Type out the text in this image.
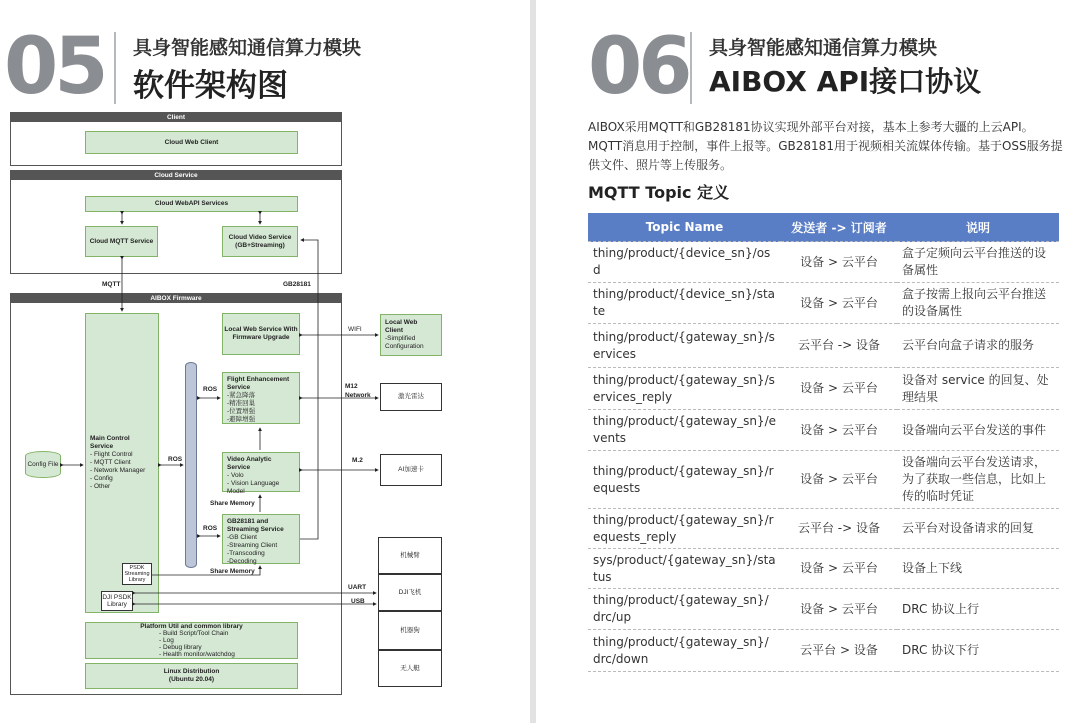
05 具身智能感知通信算力模块
软件架构图
Client
Cloud Web Client
Cloud Service
Cloud WebAPI Services
Cloud MQTT Service
Cloud Video Service (GB+Streaming)
MQTT	GB28181
AIBOX Firmware
Main Control Service
- Flight Control
- MQTT Client
- Network Manager
- Config
- Other
Config File
ROS
ROS
ROS
Local Web Service With Firmware Upgrade
WIFI
Local Web Client
-Simplified Configuration
Flight Enhancement Service
-紧急降落
-精准回巢
-位置增强
-避障增强
M12 Network	激光雷达
Video Analytic Service
- Volo
- Vision Language Model
M.2
AI加速卡
Share Memory
GB28181 and Streaming Service
-GB Client
-Streaming Client
-Transcoding
-Decoding
Share Memory
PSDK Streaming Library
DJI PSDK Library
UART
USB
机械臂
DJI飞机
机器狗
无人艇
Platform Util and common library
- Build Script/Tool Chain
- Log
- Debug library
- Health monitor/watchdog
Linux Distribution
(Ubuntu 20.04)
06 具身智能感知通信算力模块
AIBOX API接口协议
AIBOX采用MQTT和GB28181协议实现外部平台对接，基本上参考大疆的上云API。MQTT消息用于控制，事件上报等。GB28181用于视频相关流媒体传输。基于OSS服务提供文件、照片等上传服务。
MQTT Topic 定义
Topic Name	发送者 -> 订阅者	说明
thing/product/{device_sn}/osd	设备 > 云平台	盒子定频向云平台推送的设备属性
thing/product/{device_sn}/state	设备 > 云平台	盒子按需上报向云平台推送的设备属性
thing/product/{gateway_sn}/services	云平台 -> 设备	云平台向盒子请求的服务
thing/product/{gateway_sn}/services_reply	设备 > 云平台	设备对 service 的回复、处理结果
thing/product/{gateway_sn}/events	设备 > 云平台	设备端向云平台发送的事件
thing/product/{gateway_sn}/requests	设备 > 云平台	设备端向云平台发送请求，为了获取一些信息，比如上传的临时凭证
thing/product/{gateway_sn}/requests_reply	云平台 -> 设备	云平台对设备请求的回复
sys/product/{gateway_sn}/status	设备 > 云平台	设备上下线
thing/product/{gateway_sn}/drc/up	设备 > 云平台	DRC 协议上行
thing/product/{gateway_sn}/drc/down	云平台 > 设备	DRC 协议下行
